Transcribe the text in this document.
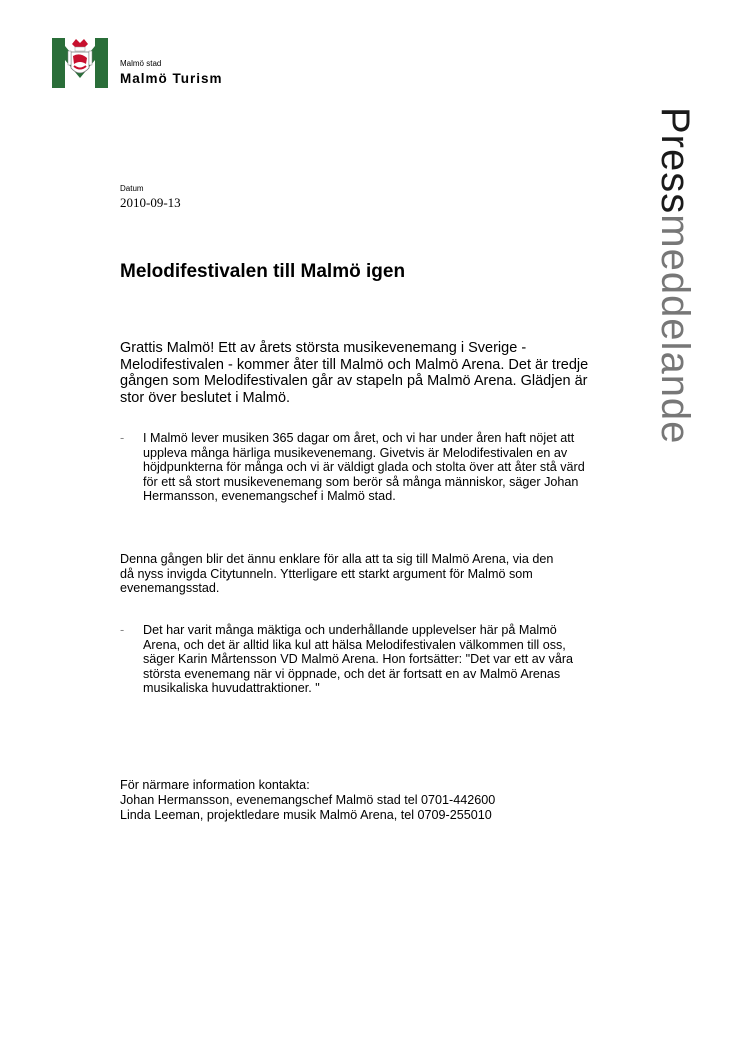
Malmö stad
Malmö Turism
Pressmeddelande
Datum
2010-09-13
Melodifestivalen till Malmö igen

Grattis Malmö! Ett av årets största musikevenemang i Sverige - Melodifestivalen - kommer åter till Malmö och Malmö Arena. Det är tredje gången som Melodifestivalen går av stapeln på Malmö Arena. Glädjen är stor över beslutet i Malmö.

- I Malmö lever musiken 365 dagar om året, och vi har under åren haft nöjet att uppleva många härliga musikevenemang. Givetvis är Melodifestivalen en av höjdpunkterna för många och vi är väldigt glada och stolta över att åter stå värd för ett så stort musikevenemang som berör så många människor, säger Johan Hermansson, evenemangschef i Malmö stad.

Denna gången blir det ännu enklare för alla att ta sig till Malmö Arena, via den då nyss invigda Citytunneln. Ytterligare ett starkt argument för Malmö som evenemangsstad.

- Det har varit många mäktiga och underhållande upplevelser här på Malmö Arena, och det är alltid lika kul att hälsa Melodifestivalen välkommen till oss, säger Karin Mårtensson VD Malmö Arena. Hon fortsätter: "Det var ett av våra största evenemang när vi öppnade, och det är fortsatt en av Malmö Arenas musikaliska huvudattraktioner. "
För närmare information kontakta:
Johan Hermansson, evenemangschef Malmö stad tel 0701-442600
Linda Leeman, projektledare musik Malmö Arena, tel 0709-255010
